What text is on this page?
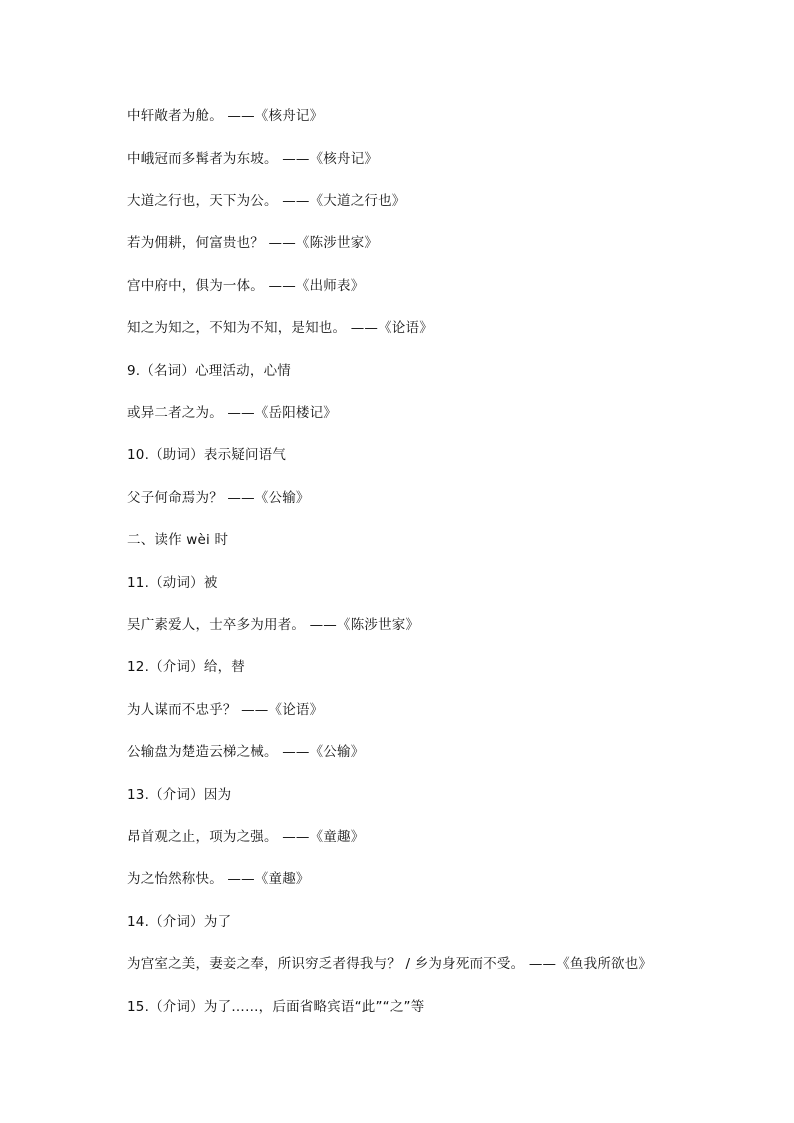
中轩敞者为舱。 ——《核舟记》
中峨冠而多髯者为东坡。 ——《核舟记》
大道之行也，天下为公。 ——《大道之行也》
若为佣耕，何富贵也？ ——《陈涉世家》
宫中府中，俱为一体。 ——《出师表》
知之为知之，不知为不知，是知也。 ——《论语》
9.（名词）心理活动，心情
或异二者之为。 ——《岳阳楼记》
10.（助词）表示疑问语气
父子何命焉为？ ——《公输》
二、读作 wèi 时
11.（动词）被
吴广素爱人，士卒多为用者。 ——《陈涉世家》
12.（介词）给，替
为人谋而不忠乎？ ——《论语》
公输盘为楚造云梯之械。 ——《公输》
13.（介词）因为
昂首观之止，项为之强。 ——《童趣》
为之怡然称快。 ——《童趣》
14.（介词）为了
为宫室之美，妻妾之奉，所识穷乏者得我与？ / 乡为身死而不受。 ——《鱼我所欲也》
15.（介词）为了……，后面省略宾语“此”“之”等
